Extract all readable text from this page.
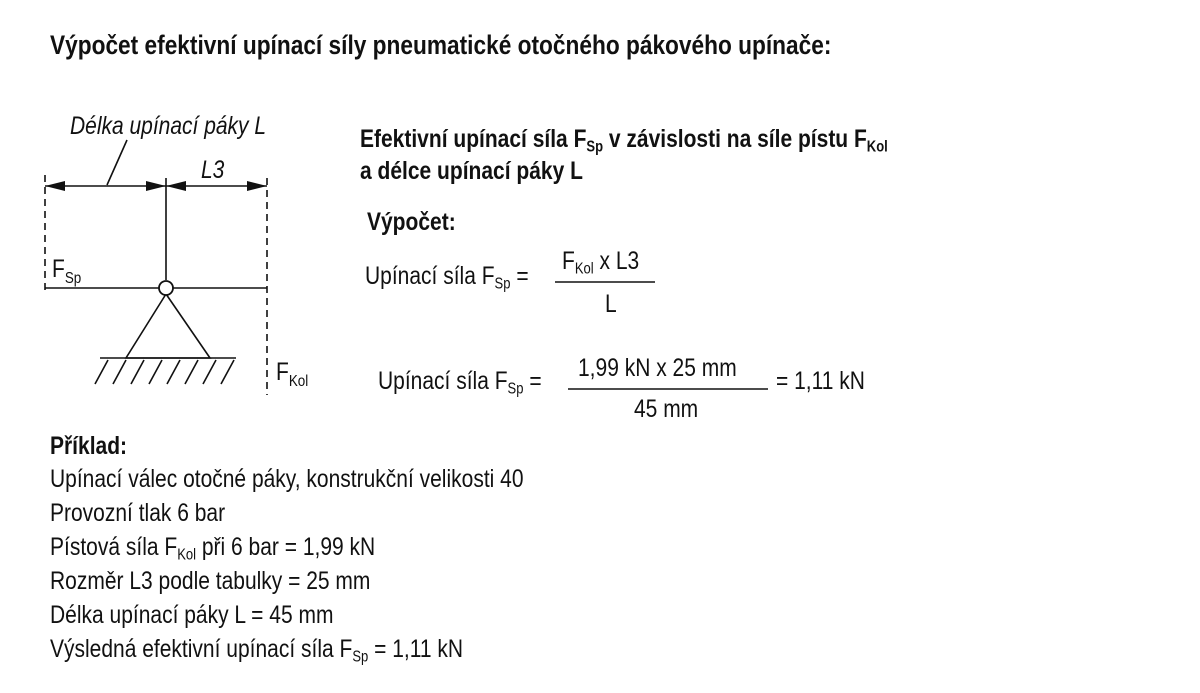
Výpočet efektivní upínací síly pneumatické otočného pákového upínače:

Délka upínací páky L
L3
$F_{Sp}$
$F_{Kol}$

Efektivní upínací síla $F_{Sp}$ v závislosti na síle pístu $F_{Kol}$

a délce upínací páky L

Výpočet:

Upínací síla $F_{Sp}$ =

$F_{Kol}$ x L3

L

Upínací síla $F_{Sp} = 1,99$ kN x 25 mm

45 mm

= 1,11 kN

Příklad:

Upínací válec otočné páky, konstrukční velikosti 40

Provozní tlak 6 bar

Pístová síla $F_{Kol}$ při 6 bar = 1,99 kN

Rozměr L3 podle tabulky = 25 mm

Délka upínací páky L = 45 mm

Výsledná efektivní upínací síla $F_{Sp} = 1,11$ kN
